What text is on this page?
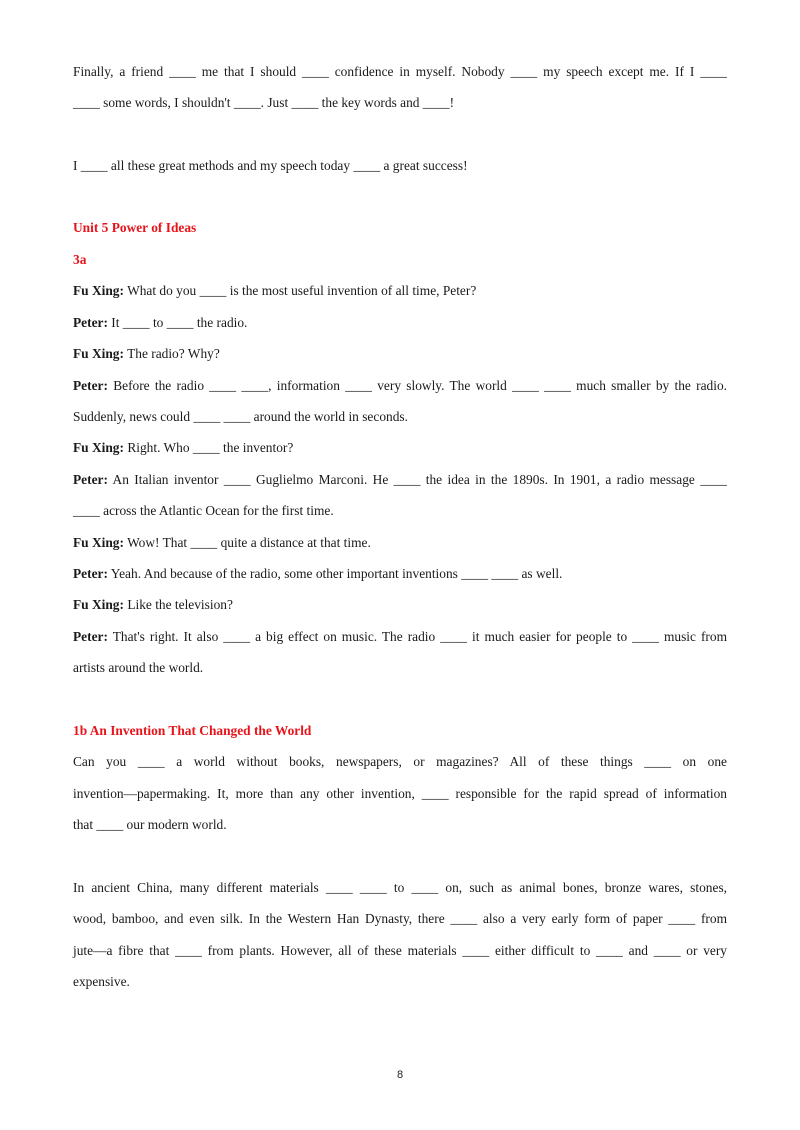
Finally, a friend ____ me that I should ____ confidence in myself. Nobody ____ my speech except me. If I ____
____ some words, I shouldn't ____. Just ____ the key words and ____!
I ____ all these great methods and my speech today ____ a great success!
Unit 5 Power of Ideas
3a
Fu Xing: What do you ____ is the most useful invention of all time, Peter?
Peter: It ____ to ____ the radio.
Fu Xing: The radio? Why?
Peter: Before the radio ____ ____, information ____ very slowly. The world ____ ____ much smaller by the radio.
Suddenly, news could ____ ____ around the world in seconds.
Fu Xing: Right. Who ____ the inventor?
Peter: An Italian inventor ____ Guglielmo Marconi. He ____ the idea in the 1890s. In 1901, a radio message ____
____ across the Atlantic Ocean for the first time.
Fu Xing: Wow! That ____ quite a distance at that time.
Peter: Yeah. And because of the radio, some other important inventions ____ ____ as well.
Fu Xing: Like the television?
Peter: That's right. It also ____ a big effect on music. The radio ____ it much easier for people to ____ music from
artists around the world.
1b An Invention That Changed the World
Can you ____ a world without books, newspapers, or magazines? All of these things ____ on one
invention—papermaking. It, more than any other invention, ____ responsible for the rapid spread of information
that ____ our modern world.
In ancient China, many different materials ____ ____ to ____ on, such as animal bones, bronze wares, stones,
wood, bamboo, and even silk. In the Western Han Dynasty, there ____ also a very early form of paper ____ from
jute—a fibre that ____ from plants. However, all of these materials ____ either difficult to ____ and ____ or very
expensive.
8
